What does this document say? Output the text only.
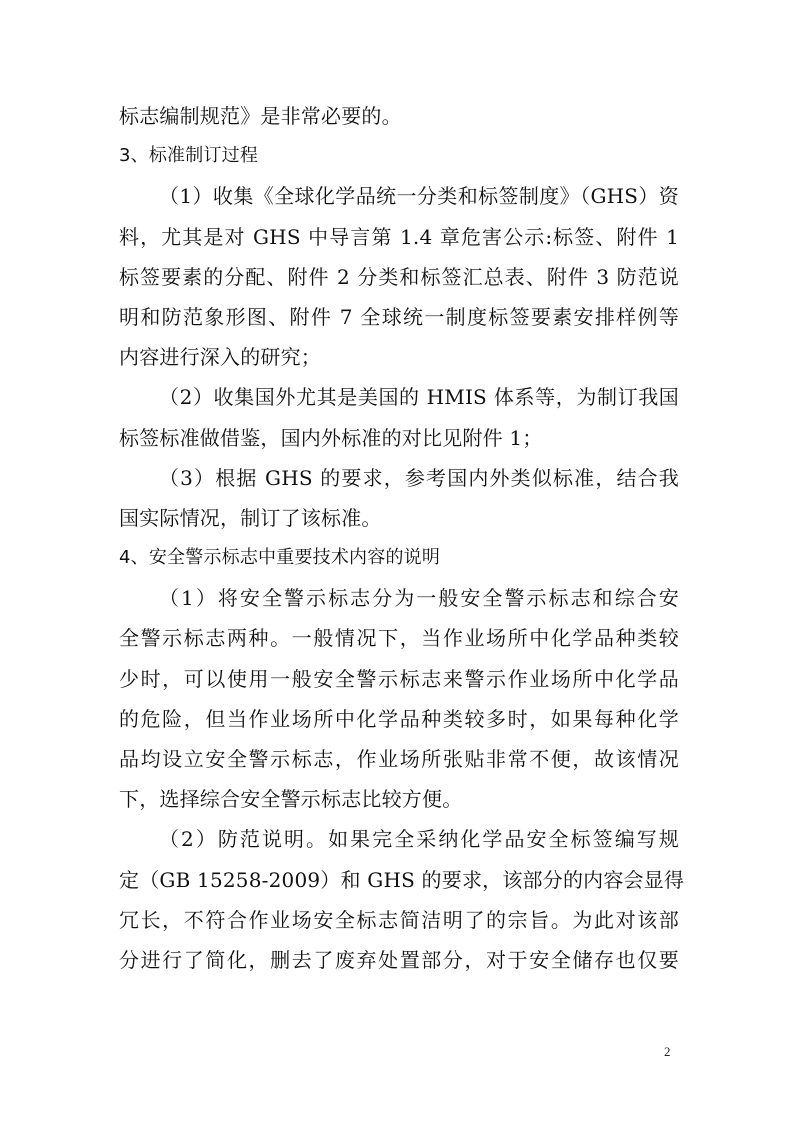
标志编制规范》是非常必要的。
3、标准制订过程
（1）收集《全球化学品统一分类和标签制度》（GHS）资
料，尤其是对 GHS 中导言第 1.4 章危害公示:标签、附件 1
标签要素的分配、附件 2 分类和标签汇总表、附件 3 防范说
明和防范象形图、附件 7 全球统一制度标签要素安排样例等
内容进行深入的研究；
（2）收集国外尤其是美国的 HMIS 体系等，为制订我国
标签标准做借鉴，国内外标准的对比见附件 1；
（3）根据 GHS 的要求，参考国内外类似标准，结合我
国实际情况，制订了该标准。
4、安全警示标志中重要技术内容的说明
（1）将安全警示标志分为一般安全警示标志和综合安
全警示标志两种。一般情况下，当作业场所中化学品种类较
少时，可以使用一般安全警示标志来警示作业场所中化学品
的危险，但当作业场所中化学品种类较多时，如果每种化学
品均设立安全警示标志，作业场所张贴非常不便，故该情况
下，选择综合安全警示标志比较方便。
（2）防范说明。如果完全采纳化学品安全标签编写规
定（GB 15258-2009）和 GHS 的要求，该部分的内容会显得
冗长，不符合作业场安全标志简洁明了的宗旨。为此对该部
分进行了简化，删去了废弃处置部分，对于安全储存也仅要
2
